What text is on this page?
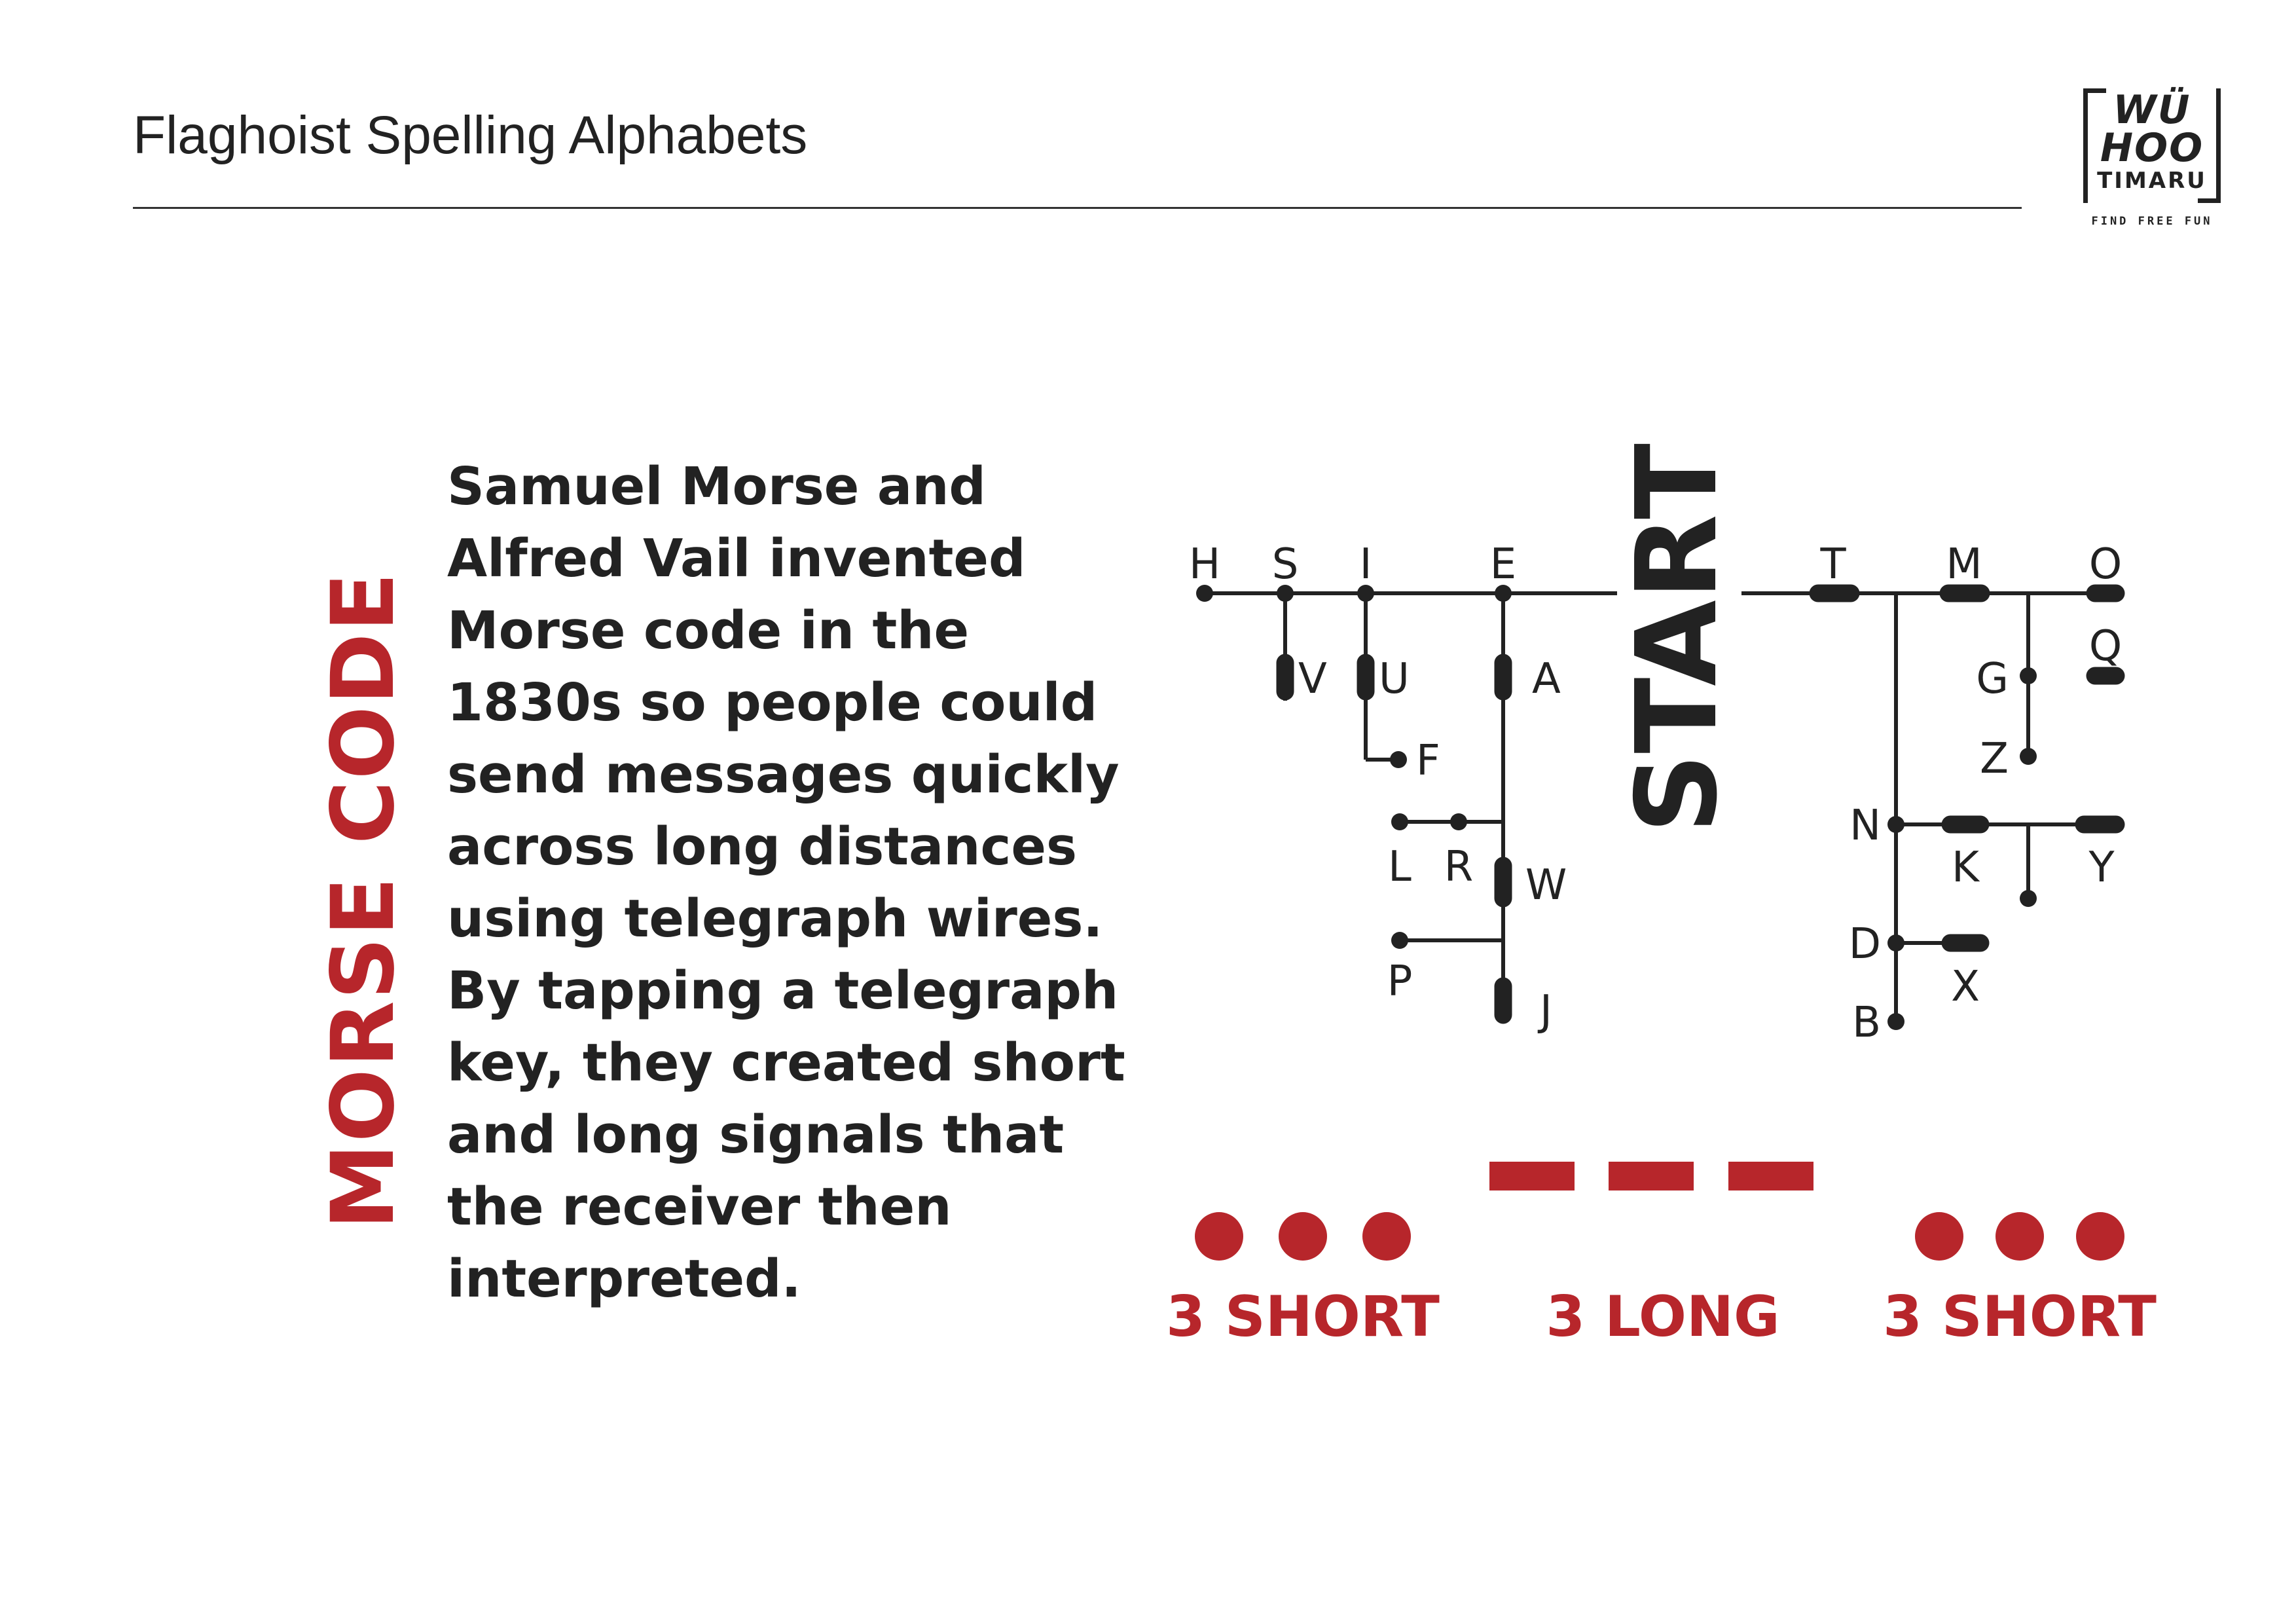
Flaghoist Spelling Alphabets	WÜ
HOO
TIMARU
FIND FREE FUN
MORSE CODE

Samuel Morse and Alfred Vail invented Morse code in the 1830s so people could send messages quickly across long distances using telegraph wires. By tapping a telegraph key, they created short and long signals that the receiver then interpreted.

H S I	E
V U
F
A
R
L	W
P
J
T M	O
Q
G
Z
N
K	Y
D
X
B
START
3 SHORT 3 LONG 3 SHORT
